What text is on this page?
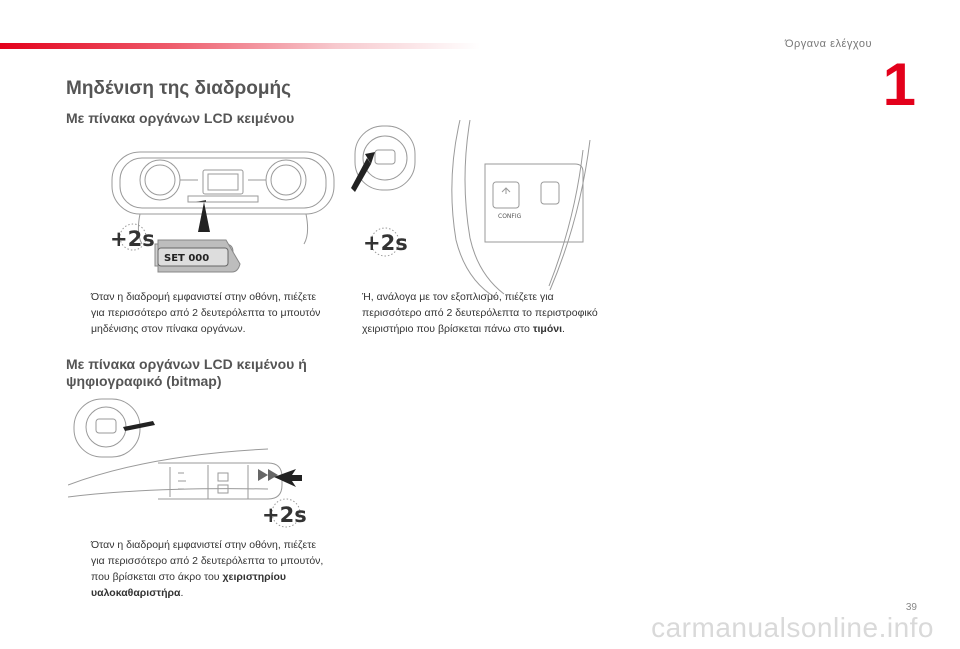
Όργανα ελέγχου
1
Μηδένιση της διαδρομής
Με πίνακα οργάνων LCD κειμένου
+2s
SET 000
CONFIG
+2s
Όταν η διαδρομή εμφανιστεί στην οθόνη, πιέζετε για περισσότερο από 2 δευτερόλεπτα το μπουτόν μηδένισης στον πίνακα οργάνων.
Ή, ανάλογα με τον εξοπλισμό, πιέζετε για περισσότερο από 2 δευτερόλεπτα το περιστροφικό χειριστήριο που βρίσκεται πάνω στο τιμόνι.
Με πίνακα οργάνων LCD κειμένου ή ψηφιογραφικό (bitmap)
+2s
Όταν η διαδρομή εμφανιστεί στην οθόνη, πιέζετε για περισσότερο από 2 δευτερόλεπτα το μπουτόν, που βρίσκεται στο άκρο του χειριστηρίου υαλοκαθαριστήρα.
39
carmanualsonline.info
